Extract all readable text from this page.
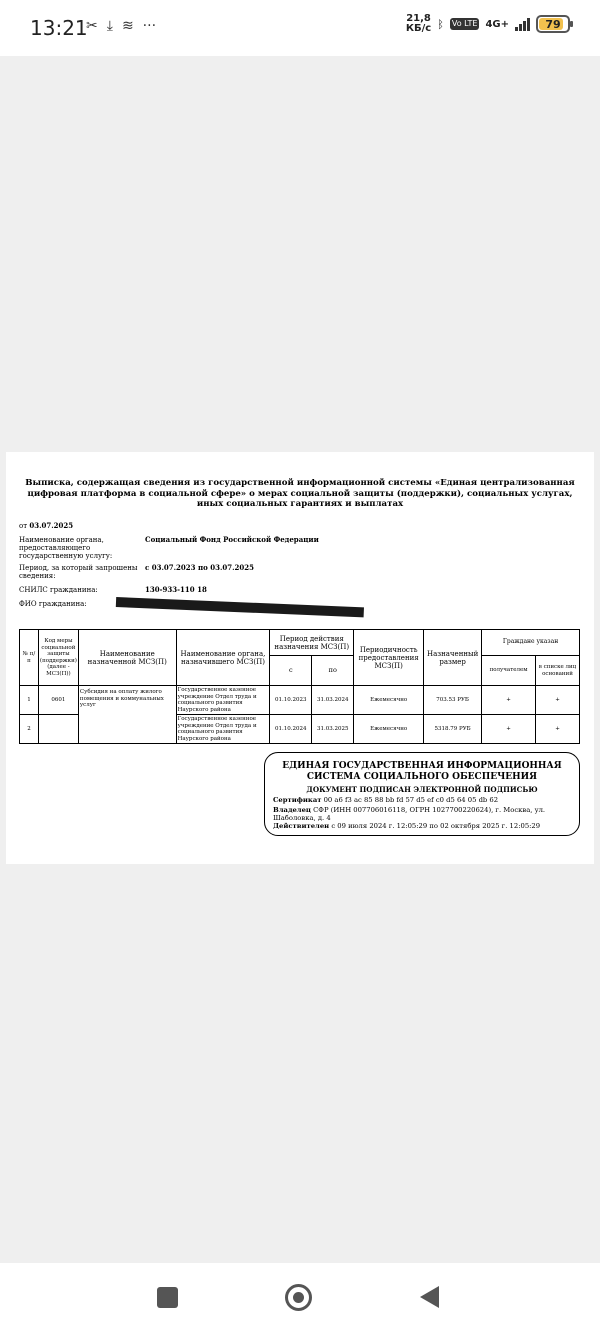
13:21
✂ ⤓ ≋ ···	21,8
КБ/с ᛒ Vo LTE 4G+	79
Выписка, содержащая сведения из государственной информационной системы «Единая централизованная цифровая платформа в социальной сфере» о мерах социальной защиты (поддержки), социальных услугах, иных социальных гарантиях и выплатах
от 03.07.2025
Наименование органа, предоставляющего государственную услугу:
Социальный Фонд Российской Федерации
Период, за который запрошены сведения:
с 03.07.2023 по 03.07.2025
СНИЛС гражданина:	130-933-110 18
ФИО гражданина:
№ п/п	Код меры социальной защиты (поддержки) (далее - МСЗ(П))	Наименование назначенной МСЗ(П)	Наименование органа, назначившего МСЗ(П)	Период действия назначения МСЗ(П)		Периодичность предоставления МСЗ(П)	Назначенный размер	Граждане указан	
				с	по			получателем	в списке лиц оснований
1	0601	Субсидия на оплату жилого помещения и коммунальных услуг	Государственное казенное учреждение Отдел труда и социального развития Наурского района	01.10.2023	31.03.2024	Ежемесячно	703.53 РУБ	+	+
2			Государственное казенное учреждение Отдел труда и социального развития Наурского района	01.10.2024	31.03.2025	Ежемесячно	5318.79 РУБ	+	+
ЕДИНАЯ ГОСУДАРСТВЕННАЯ ИНФОРМАЦИОННАЯ СИСТЕМА СОЦИАЛЬНОГО ОБЕСПЕЧЕНИЯ
ДОКУМЕНТ ПОДПИСАН ЭЛЕКТРОННОЙ ПОДПИСЬЮ
Сертификат 00 a6 f3 ac 85 88 bb fd 57 d5 ef c0 d5 64 05 db 62
Владелец СФР (ИНН 007706016118, ОГРН 1027700220624), г. Москва, ул. Шаболовка, д. 4
Действителен с 09 июля 2024 г. 12:05:29 по 02 октября 2025 г. 12:05:29
